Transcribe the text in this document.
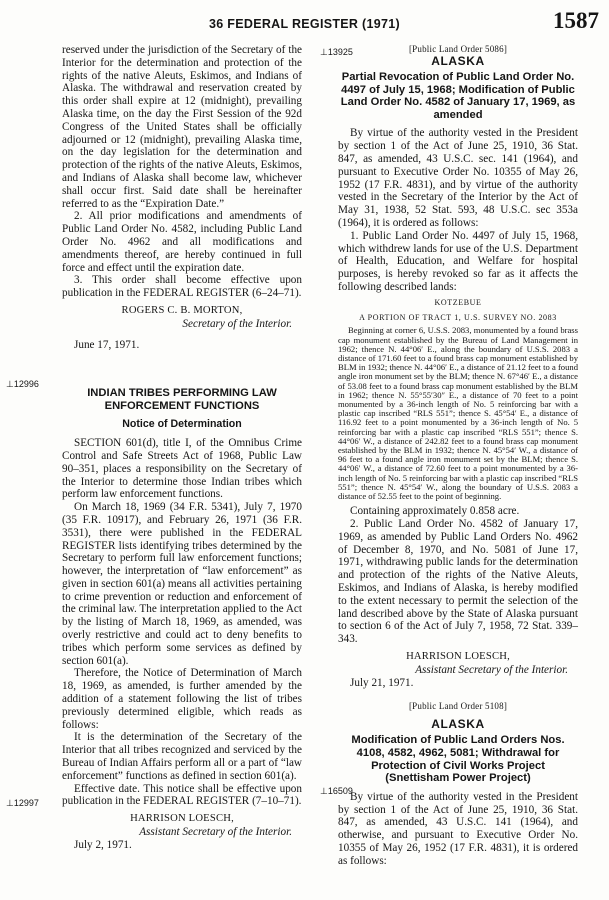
36 FEDERAL REGISTER (1971)	1587
⊥13925
⊥12996
⊥12997
⊥16509

reserved under the jurisdiction of the Secretary of the Interior for the determination and protection of the rights of the native Aleuts, Eskimos, and Indians of Alaska. The withdrawal and reservation created by this order shall expire at 12 (midnight), prevailing Alaska time, on the day the First Session of the 92d Congress of the United States shall be officially adjourned or 12 (midnight), prevailing Alaska time, on the day legislation for the determination and protection of the rights of the native Aleuts, Eskimos, and Indians of Alaska shall become law, whichever shall occur first. Said date shall be hereinafter referred to as the “Expiration Date.”

2. All prior modifications and amendments of Public Land Order No. 4582, including Public Land Order No. 4962 and all modifications and amendments thereof, are hereby continued in full force and effect until the expiration date.

3. This order shall become effective upon publication in the FEDERAL REGISTER (6–24–71).

ROGERS C. B. MORTON,

Secretary of the Interior.

June 17, 1971.

INDIAN TRIBES PERFORMING LAW ENFORCEMENT FUNCTIONS

Notice of Determination

SECTION 601(d), title I, of the Omnibus Crime Control and Safe Streets Act of 1968, Public Law 90–351, places a responsibility on the Secretary of the Interior to determine those Indian tribes which perform law enforcement functions.

On March 18, 1969 (34 F.R. 5341), July 7, 1970 (35 F.R. 10917), and February 26, 1971 (36 F.R. 3531), there were published in the FEDERAL REGISTER lists identifying tribes determined by the Secretary to perform full law enforcement functions; however, the interpretation of “law enforcement” as given in section 601(a) means all activities pertaining to crime prevention or reduction and enforcement of the criminal law. The interpretation applied to the Act by the listing of March 18, 1969, as amended, was overly restrictive and could act to deny benefits to tribes which perform some services as defined by section 601(a).

Therefore, the Notice of Determination of March 18, 1969, as amended, is further amended by the addition of a statement following the list of tribes previously determined eligible, which reads as follows:

It is the determination of the Secretary of the Interior that all tribes recognized and serviced by the Bureau of Indian Affairs perform all or a part of “law enforcement” functions as defined in section 601(a).

Effective date. This notice shall be effective upon publication in the FEDERAL REGISTER (7–10–71).

HARRISON LOESCH,

Assistant Secretary of the Interior.

July 2, 1971.

[Public Land Order 5086]

ALASKA

Partial Revocation of Public Land Order No. 4497 of July 15, 1968; Modification of Public Land Order No. 4582 of January 17, 1969, as amended

By virtue of the authority vested in the President by section 1 of the Act of June 25, 1910, 36 Stat. 847, as amended, 43 U.S.C. sec. 141 (1964), and pursuant to Executive Order No. 10355 of May 26, 1952 (17 F.R. 4831), and by virtue of the authority vested in the Secretary of the Interior by the Act of May 31, 1938, 52 Stat. 593, 48 U.S.C. sec 353a (1964), it is ordered as follows:

1. Public Land Order No. 4497 of July 15, 1968, which withdrew lands for use of the U.S. Department of Health, Education, and Welfare for hospital purposes, is hereby revoked so far as it affects the following described lands:

KOTZEBUE

A PORTION OF TRACT 1, U.S. SURVEY NO. 2083

Beginning at corner 6, U.S.S. 2083, monumented by a found brass cap monument established by the Bureau of Land Management in 1962; thence N. 44°06′ E., along the boundary of U.S.S. 2083 a distance of 171.60 feet to a found brass cap monument established by BLM in 1932; thence N. 44°06′ E., a distance of 21.12 feet to a found angle iron monument set by the BLM; thence N. 67°46′ E., a distance of 53.08 feet to a found brass cap monument established by the BLM in 1962; thence N. 55°55′30″ E., a distance of 70 feet to a point monumented by a 36-inch length of No. 5 reinforcing bar with a plastic cap inscribed “RLS 551”; thence S. 45°54′ E., a distance of 116.92 feet to a point monumented by a 36-inch length of No. 5 reinforcing bar with a plastic cap inscribed “RLS 551”; thence S. 44°06′ W., a distance of 242.82 feet to a found brass cap monument established by the BLM in 1932; thence N. 45°54′ W., a distance of 96 feet to a found angle iron monument set by the BLM; thence S. 44°06′ W., a distance of 72.60 feet to a point monumented by a 36-inch length of No. 5 reinforcing bar with a plastic cap inscribed “RLS 551”; thence N. 45°54′ W., along the boundary of U.S.S. 2083 a distance of 52.55 feet to the point of beginning.

Containing approximately 0.858 acre.

2. Public Land Order No. 4582 of January 17, 1969, as amended by Public Land Orders No. 4962 of December 8, 1970, and No. 5081 of June 17, 1971, withdrawing public lands for the determination and protection of the rights of the Native Aleuts, Eskimos, and Indians of Alaska, is hereby modified to the extent necessary to permit the selection of the land described above by the State of Alaska pursuant to section 6 of the Act of July 7, 1958, 72 Stat. 339–343.

HARRISON LOESCH,

Assistant Secretary of the Interior.

July 21, 1971.

[Public Land Order 5108]

ALASKA

Modification of Public Land Orders Nos. 4108, 4582, 4962, 5081; Withdrawal for Protection of Civil Works Project (Snettisham Power Project)

By virtue of the authority vested in the President by section 1 of the Act of June 25, 1910, 36 Stat. 847, as amended, 43 U.S.C. 141 (1964), and otherwise, and pursuant to Executive Order No. 10355 of May 26, 1952 (17 F.R. 4831), it is ordered as follows:
